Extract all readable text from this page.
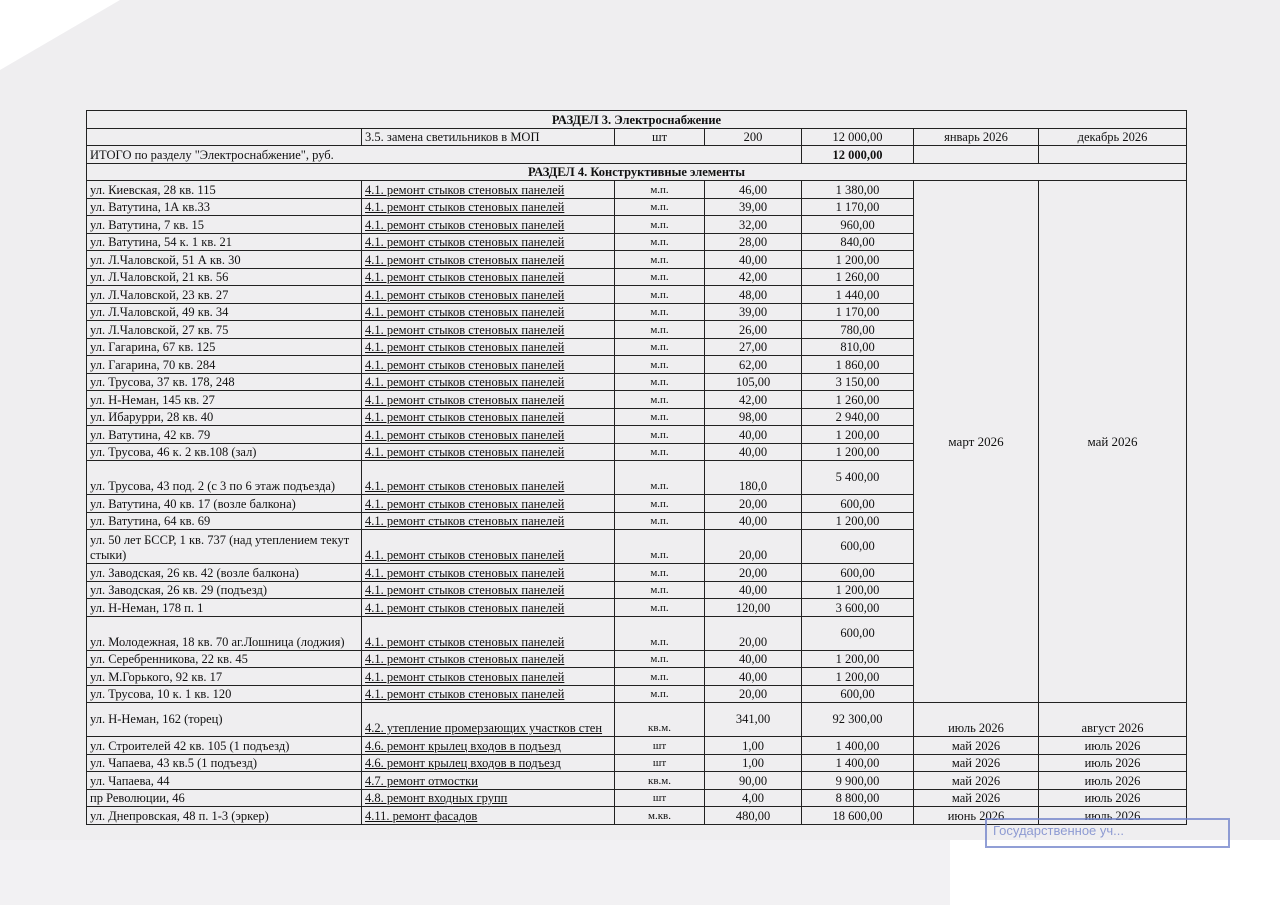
РАЗДЕЛ 3. Электроснабжение						
	3.5. замена светильников в МОП	шт	200	12 000,00	январь 2026	декабрь 2026
ИТОГО по разделу "Электроснабжение", руб.				12 000,00		
РАЗДЕЛ 4. Конструктивные элементы						
ул. Киевская, 28 кв. 115	4.1. ремонт стыков стеновых панелей	м.п.	46,00	1 380,00	март 2026	май 2026
ул. Ватутина, 1А кв.33	4.1. ремонт стыков стеновых панелей	м.п.	39,00	1 170,00		
ул. Ватутина, 7 кв. 15	4.1. ремонт стыков стеновых панелей	м.п.	32,00	960,00		
ул. Ватутина, 54 к. 1 кв. 21	4.1. ремонт стыков стеновых панелей	м.п.	28,00	840,00		
ул. Л.Чаловской, 51 А кв. 30	4.1. ремонт стыков стеновых панелей	м.п.	40,00	1 200,00		
ул. Л.Чаловской, 21 кв. 56	4.1. ремонт стыков стеновых панелей	м.п.	42,00	1 260,00		
ул. Л.Чаловской, 23 кв. 27	4.1. ремонт стыков стеновых панелей	м.п.	48,00	1 440,00		
ул. Л.Чаловской, 49 кв. 34	4.1. ремонт стыков стеновых панелей	м.п.	39,00	1 170,00		
ул. Л.Чаловской, 27 кв. 75	4.1. ремонт стыков стеновых панелей	м.п.	26,00	780,00		
ул. Гагарина, 67 кв. 125	4.1. ремонт стыков стеновых панелей	м.п.	27,00	810,00		
ул. Гагарина, 70 кв. 284	4.1. ремонт стыков стеновых панелей	м.п.	62,00	1 860,00		
ул. Трусова, 37 кв. 178, 248	4.1. ремонт стыков стеновых панелей	м.п.	105,00	3 150,00		
ул. Н-Неман, 145 кв. 27	4.1. ремонт стыков стеновых панелей	м.п.	42,00	1 260,00		
ул. Ибарурри, 28 кв. 40	4.1. ремонт стыков стеновых панелей	м.п.	98,00	2 940,00		
ул. Ватутина, 42 кв. 79	4.1. ремонт стыков стеновых панелей	м.п.	40,00	1 200,00		
ул. Трусова, 46 к. 2 кв.108 (зал)	4.1. ремонт стыков стеновых панелей	м.п.	40,00	1 200,00		
ул. Трусова, 43 под. 2 (с 3 по 6 этаж подъезда)	4.1. ремонт стыков стеновых панелей	м.п.	180,0	5 400,00		
ул. Ватутина, 40 кв. 17 (возле балкона)	4.1. ремонт стыков стеновых панелей	м.п.	20,00	600,00		
ул. Ватутина, 64 кв. 69	4.1. ремонт стыков стеновых панелей	м.п.	40,00	1 200,00		
ул. 50 лет БССР, 1 кв. 737 (над утеплением текут стыки)	4.1. ремонт стыков стеновых панелей	м.п.	20,00	600,00		
ул. Заводская, 26 кв. 42 (возле балкона)	4.1. ремонт стыков стеновых панелей	м.п.	20,00	600,00		
ул. Заводская, 26 кв. 29 (подъезд)	4.1. ремонт стыков стеновых панелей	м.п.	40,00	1 200,00		
ул. Н-Неман, 178 п. 1	4.1. ремонт стыков стеновых панелей	м.п.	120,00	3 600,00		
ул. Молодежная, 18 кв. 70 аг.Лошница (лоджия)	4.1. ремонт стыков стеновых панелей	м.п.	20,00	600,00		
ул. Серебренникова, 22 кв. 45	4.1. ремонт стыков стеновых панелей	м.п.	40,00	1 200,00		
ул. М.Горького, 92 кв. 17	4.1. ремонт стыков стеновых панелей	м.п.	40,00	1 200,00		
ул. Трусова, 10 к. 1 кв. 120	4.1. ремонт стыков стеновых панелей	м.п.	20,00	600,00		
ул. Н-Неман, 162 (торец)	4.2. утепление промерзающих участков стен	кв.м.	341,00	92 300,00	июль 2026	август 2026
ул. Строителей 42 кв. 105 (1 подъезд)	4.6. ремонт крылец входов в подъезд	шт	1,00	1 400,00	май 2026	июль 2026
ул. Чапаева, 43 кв.5 (1 подъезд)	4.6. ремонт крылец входов в подъезд	шт	1,00	1 400,00	май 2026	июль 2026
ул. Чапаева, 44	4.7. ремонт отмостки	кв.м.	90,00	9 900,00	май 2026	июль 2026
пр Революции, 46	4.8. ремонт входных групп	шт	4,00	8 800,00	май 2026	июль 2026
ул. Днепровская, 48 п. 1-3 (эркер)	4.11. ремонт фасадов	м.кв.	480,00	18 600,00	июнь 2026	июль 2026
Государственное уч...
